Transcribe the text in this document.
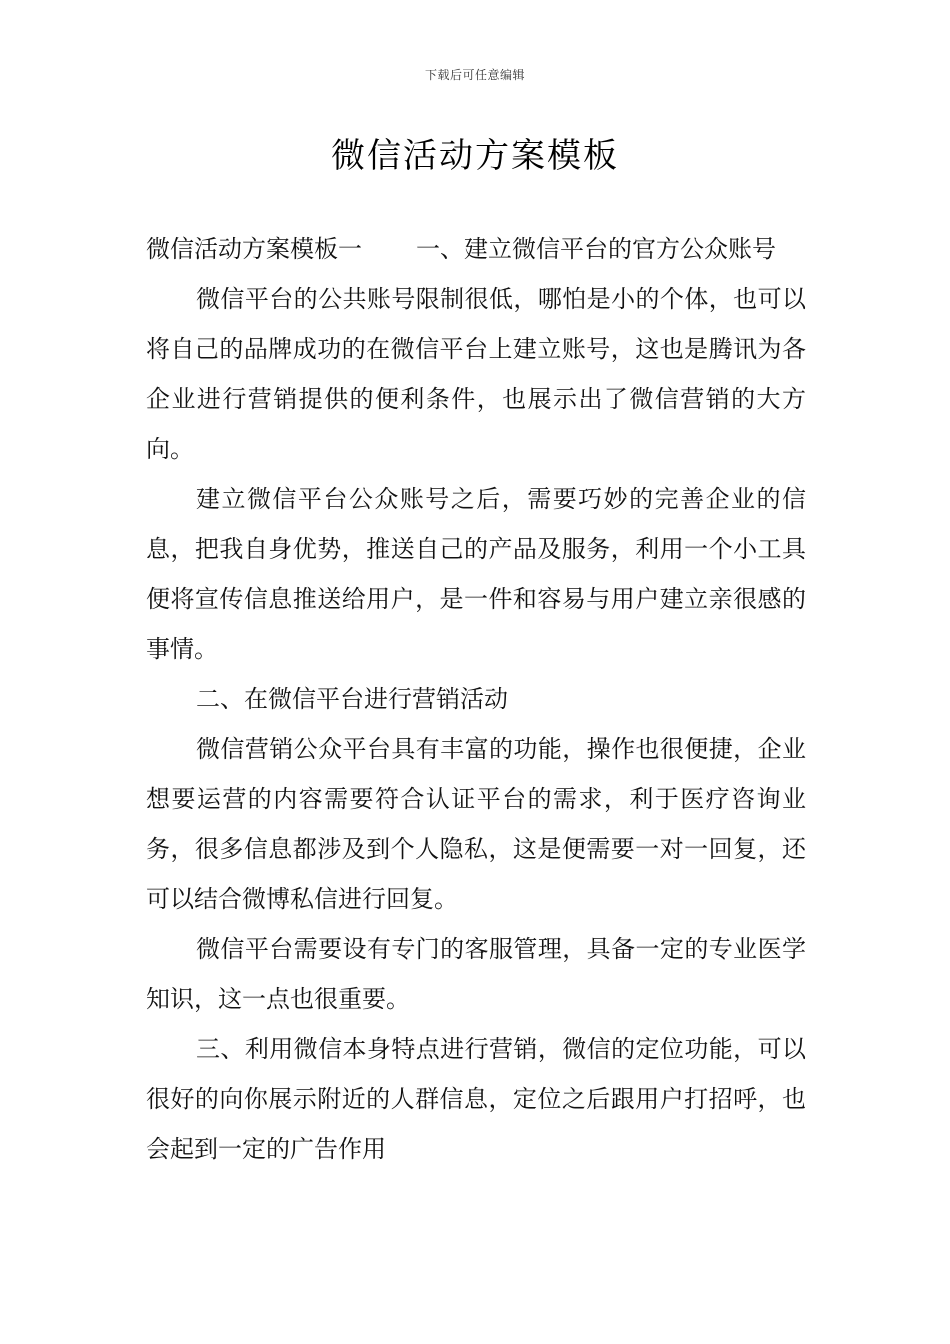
下载后可任意编辑
微信活动方案模板

微信活动方案模板一 一、建立微信平台的官方公众账号

微信平台的公共账号限制很低，哪怕是小的个体，也可以将自己的品牌成功的在微信平台上建立账号，这也是腾讯为各企业进行营销提供的便利条件，也展示出了微信营销的大方向。

建立微信平台公众账号之后，需要巧妙的完善企业的信息，把我自身优势，推送自己的产品及服务，利用一个小工具便将宣传信息推送给用户，是一件和容易与用户建立亲很感的事情。

二、在微信平台进行营销活动

微信营销公众平台具有丰富的功能，操作也很便捷，企业想要运营的内容需要符合认证平台的需求，利于医疗咨询业务，很多信息都涉及到个人隐私，这是便需要一对一回复，还可以结合微博私信进行回复。

微信平台需要设有专门的客服管理，具备一定的专业医学知识，这一点也很重要。

三、利用微信本身特点进行营销，微信的定位功能，可以很好的向你展示附近的人群信息，定位之后跟用户打招呼，也会起到一定的广告作用
